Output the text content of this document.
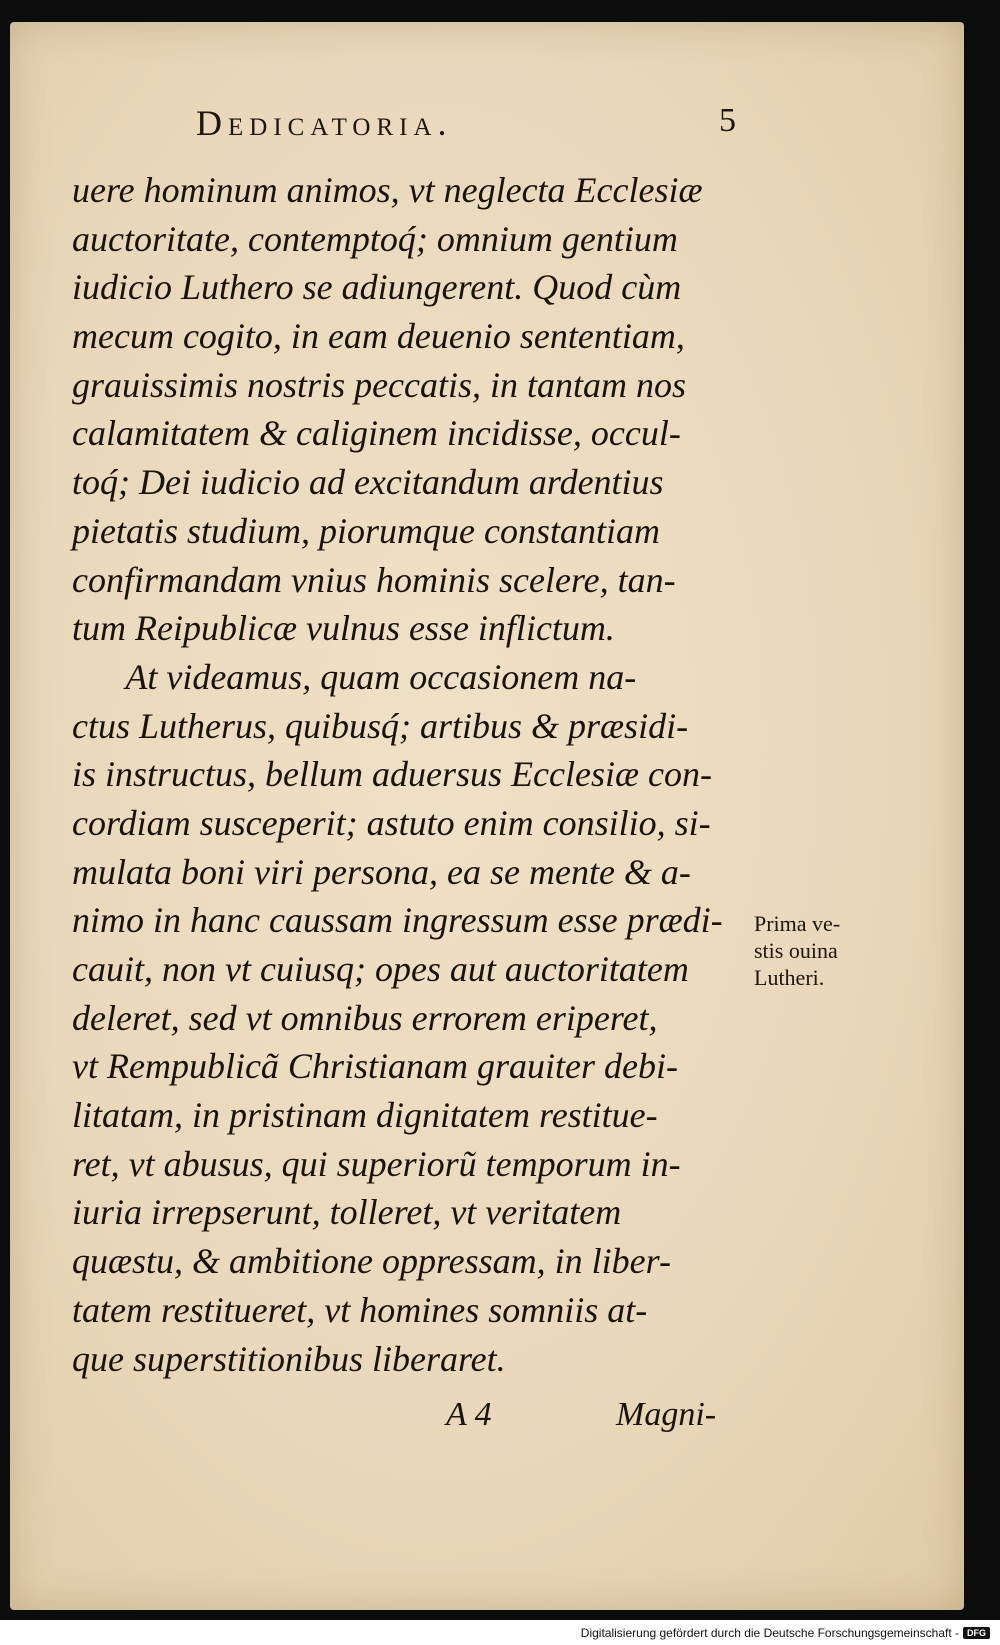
Dedicatoria.	5
uere hominum animos, vt neglecta Ecclesiæ
auctoritate, contemptoq́; omnium gentium
iudicio Luthero se adiungerent. Quod cùm
mecum cogito, in eam deuenio sententiam,
grauissimis nostris peccatis, in tantam nos
calamitatem & caliginem incidisse, occul-
toq́; Dei iudicio ad excitandum ardentius
pietatis studium, piorumque constantiam
confirmandam vnius hominis scelere, tan-
tum Reipublicæ vulnus esse inflictum.
At videamus, quam occasionem na-
ctus Lutherus, quibusq́; artibus & præsidi-
is instructus, bellum aduersus Ecclesiæ con-
cordiam susceperit; astuto enim consilio, si-
mulata boni viri persona, ea se mente & a-
nimo in hanc caussam ingressum esse prædi-
cauit, non vt cuiusq; opes aut auctoritatem
deleret, sed vt omnibus errorem eriperet,
vt Rempublicã Christianam grauiter debi-
litatam, in pristinam dignitatem restitue-
ret, vt abusus, qui superiorũ temporum in-
iuria irrepserunt, tolleret, vt veritatem
quæstu, & ambitione oppressam, in liber-
tatem restitueret, vt homines somniis at-
que superstitionibus liberaret.
Prima ve-
stis ouina
Lutheri.
A 4	Magni-
Digitalisierung gefördert durch die Deutsche Forschungsgemeinschaft - DFG
